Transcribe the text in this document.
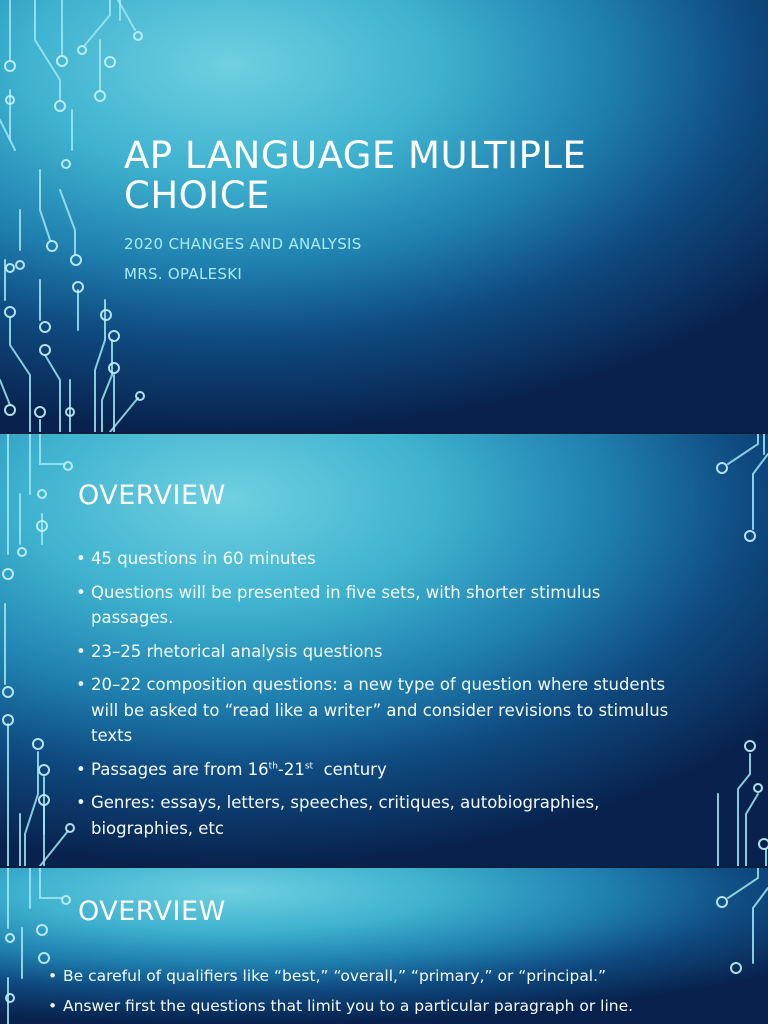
AP LANGUAGE MULTIPLE CHOICE

2020 CHANGES AND ANALYSIS

MRS. OPALESKI

OVERVIEW
• 45 questions in 60 minutes
• Questions will be presented in five sets, with shorter stimulus passages.
• 23–25 rhetorical analysis questions
• 20–22 composition questions: a new type of question where students will be asked to “read like a writer” and consider revisions to stimulus texts
• Passages are from 16th-21st  century
• Genres: essays, letters, speeches, critiques, autobiographies, biographies, etc
OVERVIEW
• Be careful of qualifiers like “best,” “overall,” “primary,” or “principal.”
• Answer first the questions that limit you to a particular paragraph or line.
